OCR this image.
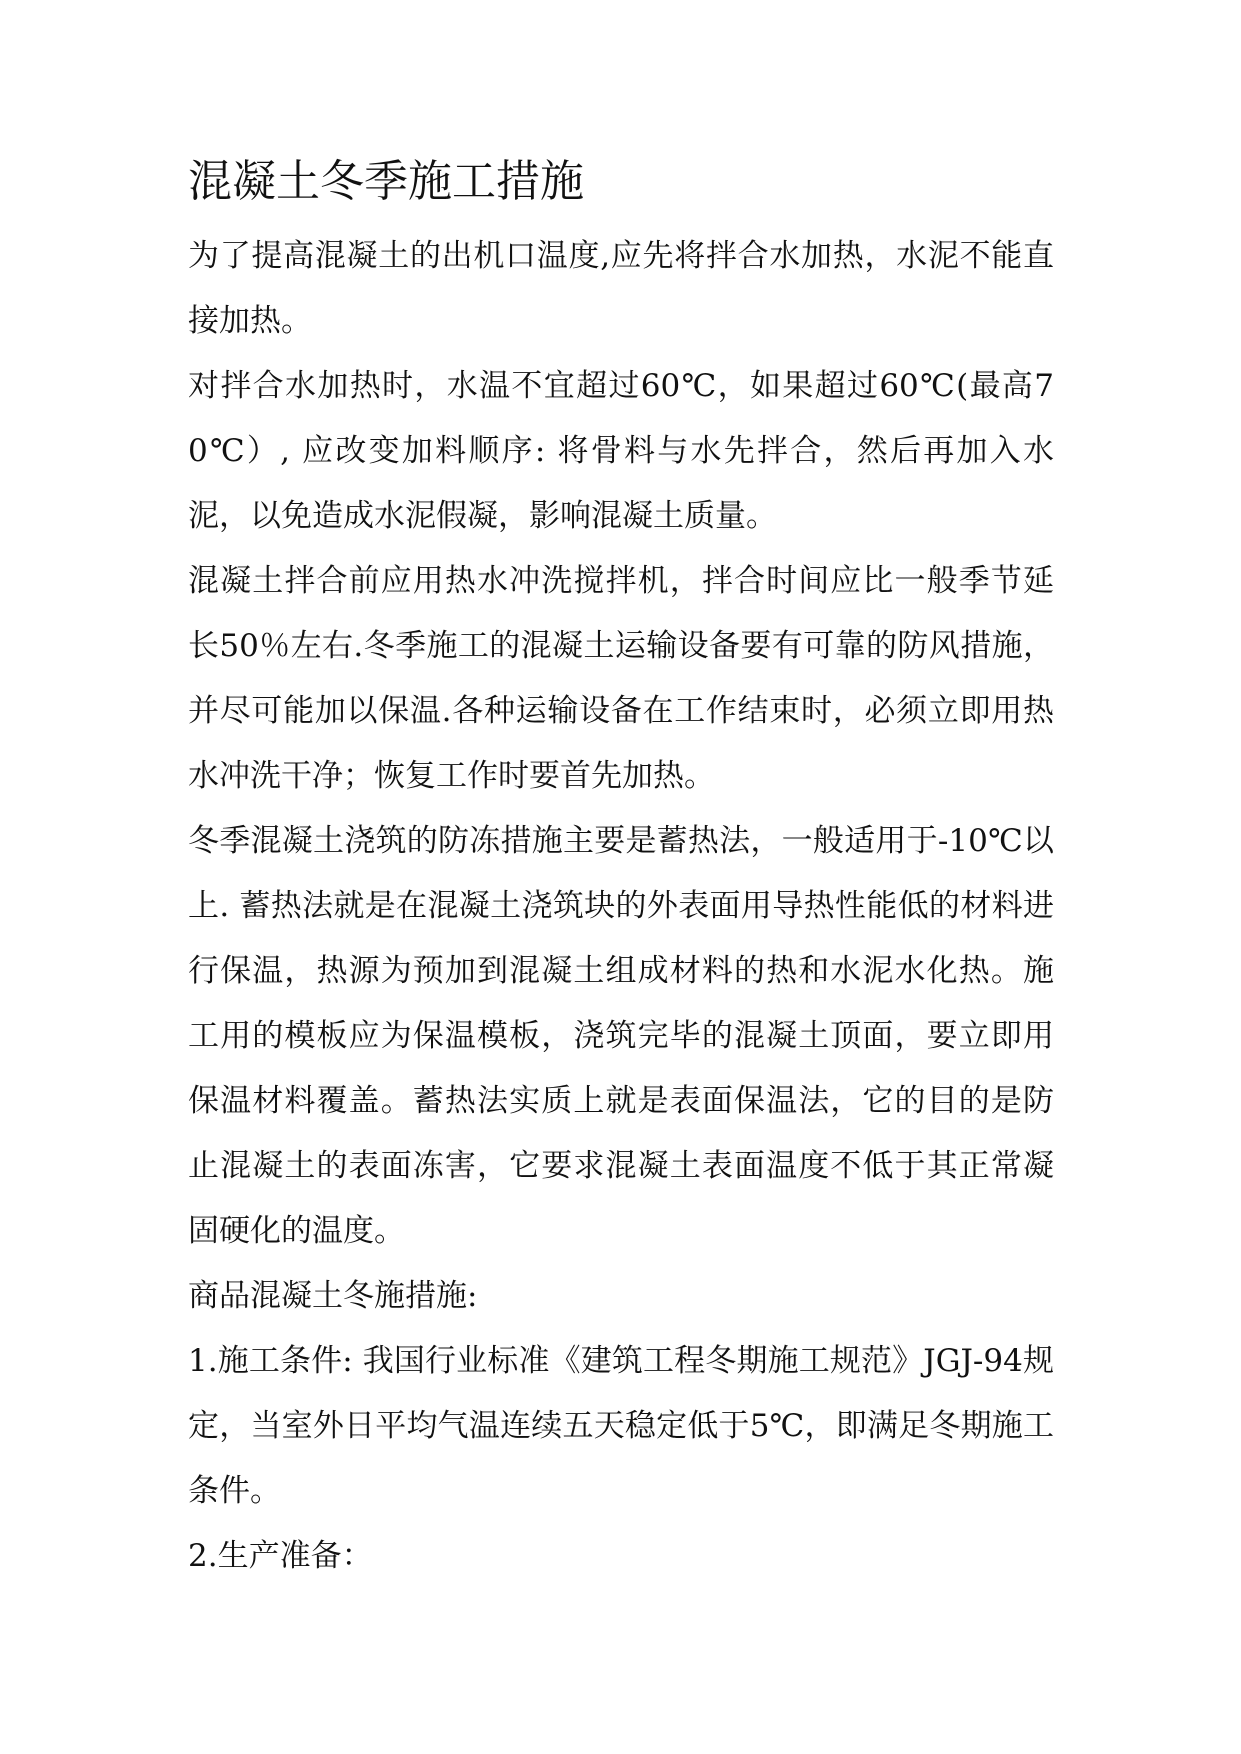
混凝土冬季施工措施

为了提高混凝土的出机口温度,应先将拌合水加热，水泥不能直接加热。

对拌合水加热时，水温不宜超过60℃，如果超过60℃(最高70℃）, 应改变加料顺序: 将骨料与水先拌合，然后再加入水泥，以免造成水泥假凝，影响混凝土质量。

混凝土拌合前应用热水冲洗搅拌机，拌合时间应比一般季节延长50％左右.冬季施工的混凝土运输设备要有可靠的防风措施，并尽可能加以保温.各种运输设备在工作结束时，必须立即用热水冲洗干净；恢复工作时要首先加热。

冬季混凝土浇筑的防冻措施主要是蓄热法，一般适用于-10℃以上. 蓄热法就是在混凝土浇筑块的外表面用导热性能低的材料进行保温，热源为预加到混凝土组成材料的热和水泥水化热。施工用的模板应为保温模板，浇筑完毕的混凝土顶面，要立即用保温材料覆盖。蓄热法实质上就是表面保温法，它的目的是防止混凝土的表面冻害，它要求混凝土表面温度不低于其正常凝固硬化的温度。

商品混凝土冬施措施:

1.施工条件: 我国行业标准《建筑工程冬期施工规范》JGJ-94规定，当室外日平均气温连续五天稳定低于5℃，即满足冬期施工条件。

2.生产准备：
